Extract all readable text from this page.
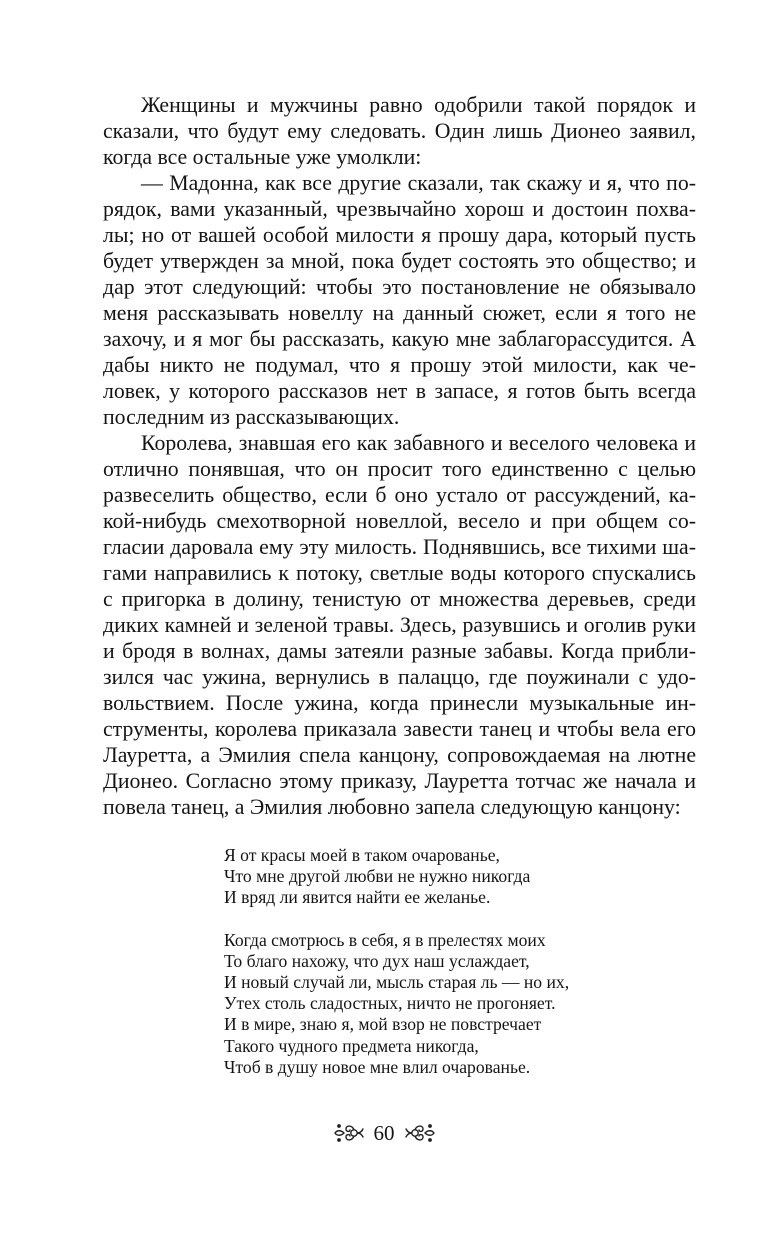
Женщины и мужчины равно одобрили такой порядок и сказали, что будут ему следовать. Один лишь Дионео заявил, когда все остальные уже умолкли:

— Мадонна, как все другие сказали, так скажу и я, что порядок, вами указанный, чрезвычайно хорош и достоин похвалы; но от вашей особой милости я прошу дара, который пусть будет утвержден за мной, пока будет состоять это общество; и дар этот следующий: чтобы это постановление не обязывало меня рассказывать новеллу на данный сюжет, если я того не захочу, и я мог бы рассказать, какую мне заблагорассудится. А дабы никто не подумал, что я прошу этой милости, как человек, у которого рассказов нет в запасе, я готов быть всегда последним из рассказывающих.

Королева, знавшая его как забавного и веселого человека и отлично понявшая, что он просит того единственно с целью развеселить общество, если б оно устало от рассуждений, какой-нибудь смехотворной новеллой, весело и при общем согласии даровала ему эту милость. Поднявшись, все тихими шагами направились к потоку, светлые воды которого спускались с пригорка в долину, тенистую от множества деревьев, среди диких камней и зеленой травы. Здесь, разувшись и оголив руки и бродя в волнах, дамы затеяли разные забавы. Когда приблизился час ужина, вернулись в палаццо, где поужинали с удовольствием. После ужина, когда принесли музыкальные инструменты, королева приказала завести танец и чтобы вела его Лауретта, а Эмилия спела канцону, сопровождаемая на лютне Дионео. Согласно этому приказу, Лауретта тотчас же начала и повела танец, а Эмилия любовно запела следующую канцону:

Я от красы моей в таком очарованье,
Что мне другой любви не нужно никогда
И вряд ли явится найти ее желанье.
Когда смотрюсь в себя, я в прелестях моих
То благо нахожу, что дух наш услаждает,
И новый случай ли, мысль старая ль — но их,
Утех столь сладостных, ничто не прогоняет.
И в мире, знаю я, мой взор не повстречает
Такого чудного предмета никогда,
Чтоб в душу новое мне влил очарованье.
60
